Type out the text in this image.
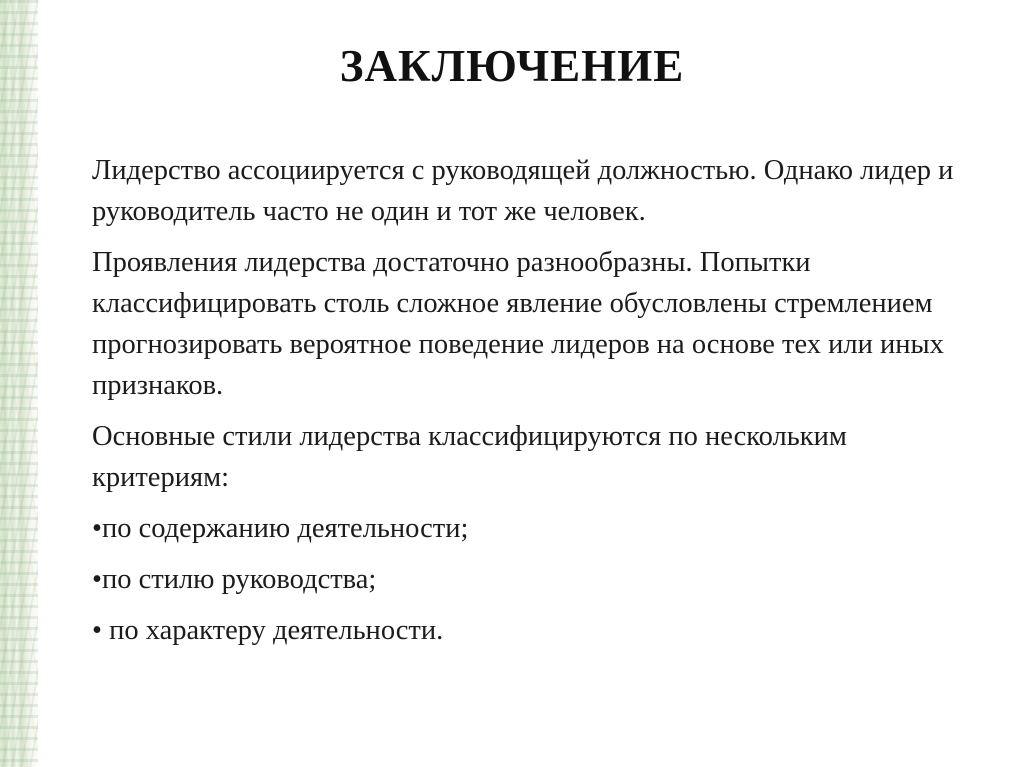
ЗАКЛЮЧЕНИЕ

Лидерство ассоциируется с руководящей должностью. Однако лидер и руководитель часто не один и тот же человек.

Проявления лидерства достаточно разнообразны. Попытки классифицировать столь сложное явление обусловлены стремлением прогнозировать вероятное поведение лидеров на основе тех или иных признаков.

Основные стили лидерства классифицируются по нескольким критериям:

•по содержанию деятельности;

•по стилю руководства;

• по характеру деятельности.
